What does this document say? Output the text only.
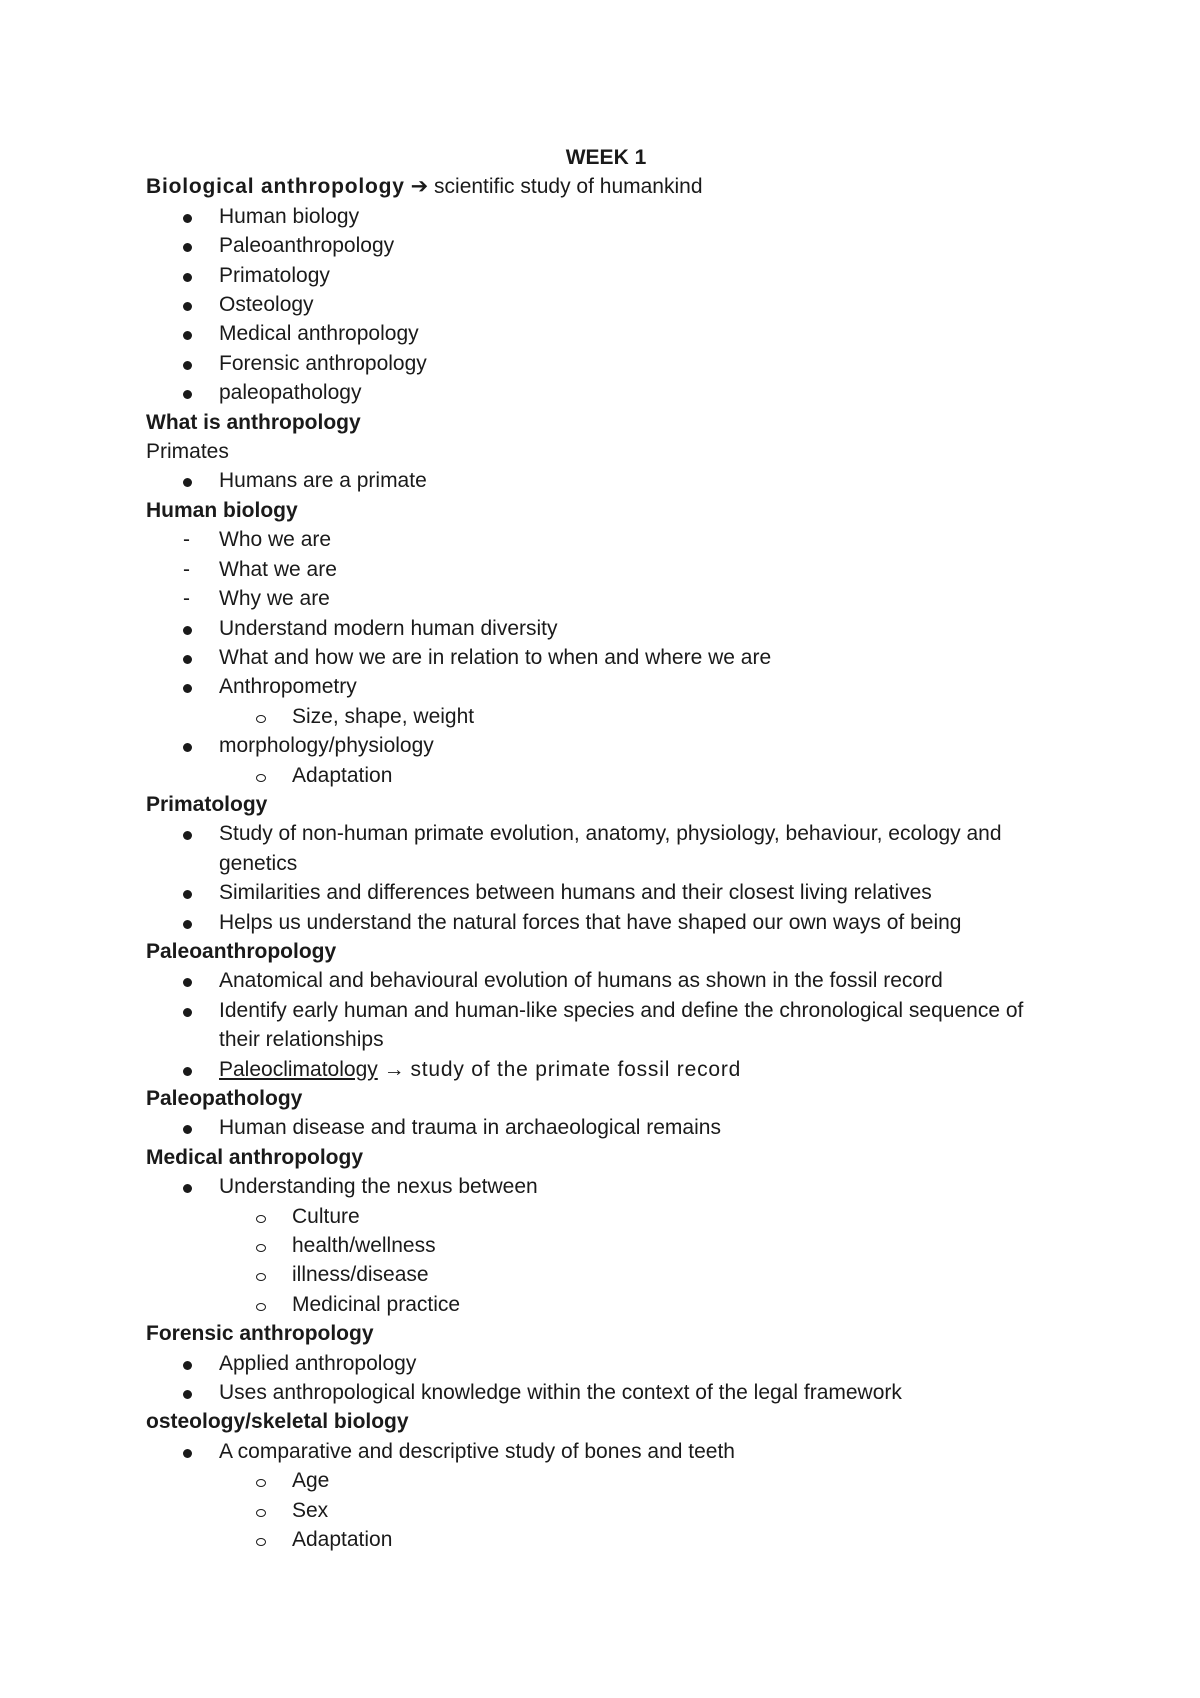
WEEK 1
Biological anthropology ➔ scientific study of humankind
Human biology
Paleoanthropology
Primatology
Osteology
Medical anthropology
Forensic anthropology
paleopathology
What is anthropology
Primates
Humans are a primate
Human biology
-	Who we are
-	What we are
-	Why we are
Understand modern human diversity
What and how we are in relation to when and where we are
Anthropometry
Size, shape, weight
morphology/physiology
Adaptation
Primatology
Study of non-human primate evolution, anatomy, physiology, behaviour, ecology and genetics
Similarities and differences between humans and their closest living relatives
Helps us understand the natural forces that have shaped our own ways of being
Paleoanthropology
Anatomical and behavioural evolution of humans as shown in the fossil record
Identify early human and human-like species and define the chronological sequence of their relationships
Paleoclimatology → study of the primate fossil record
Paleopathology
Human disease and trauma in archaeological remains
Medical anthropology
Understanding the nexus between
Culture
health/wellness
illness/disease
Medicinal practice
Forensic anthropology
Applied anthropology
Uses anthropological knowledge within the context of the legal framework
osteology/skeletal biology
A comparative and descriptive study of bones and teeth
Age
Sex
Adaptation
